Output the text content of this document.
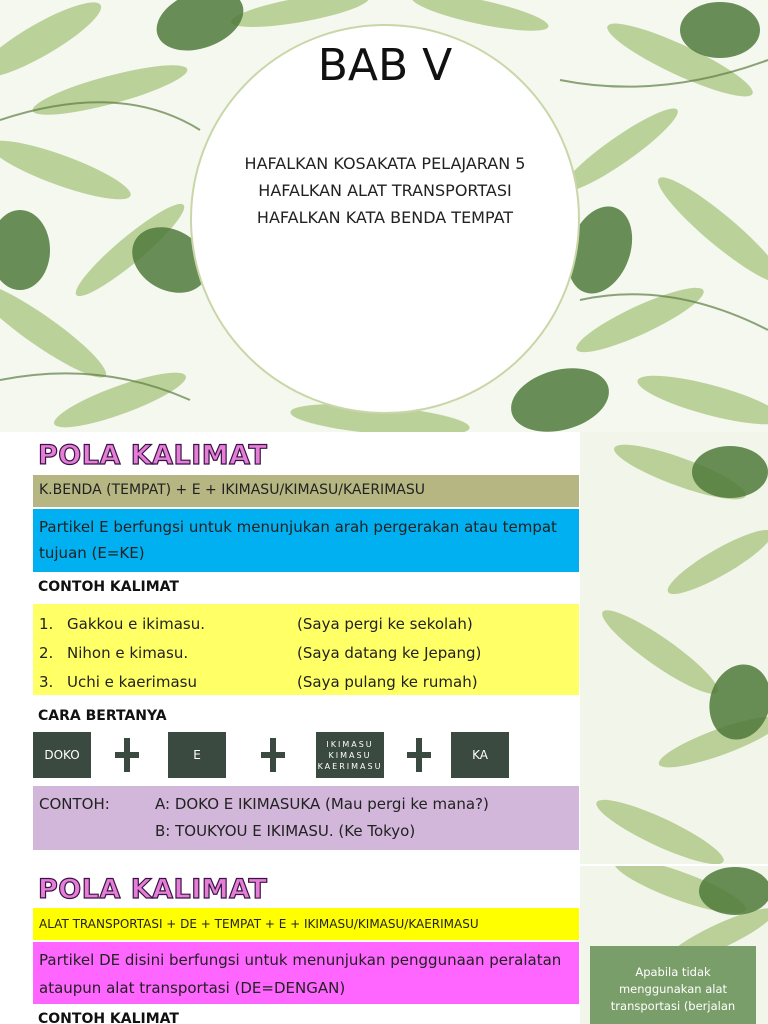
BAB V
HAFALKAN KOSAKATA PELAJARAN 5
HAFALKAN ALAT TRANSPORTASI
HAFALKAN KATA BENDA TEMPAT
POLA KALIMAT
K.BENDA (TEMPAT) + E + IKIMASU/KIMASU/KAERIMASU
Partikel E berfungsi untuk menunjukan arah pergerakan atau tempat tujuan (E=KE)
CONTOH KALIMAT
1. Gakkou e ikimasu.	(Saya pergi ke sekolah)
2. Nihon e kimasu.	(Saya datang ke Jepang)
3. Uchi e kaerimasu	(Saya pulang ke rumah)
CARA BERTANYA
DOKO	E
IKIMASU
KIMASU
KAERIMASU
KA
CONTOH:	A: DOKO E IKIMASUKA (Mau pergi ke mana?)
B: TOUKYOU E IKIMASU. (Ke Tokyo)
POLA KALIMAT
ALAT TRANSPORTASI + DE + TEMPAT + E + IKIMASU/KIMASU/KAERIMASU
Partikel DE disini berfungsi untuk menunjukan penggunaan peralatan ataupun alat transportasi (DE=DENGAN)
CONTOH KALIMAT
Apabila tidak menggunakan alat transportasi (berjalan
